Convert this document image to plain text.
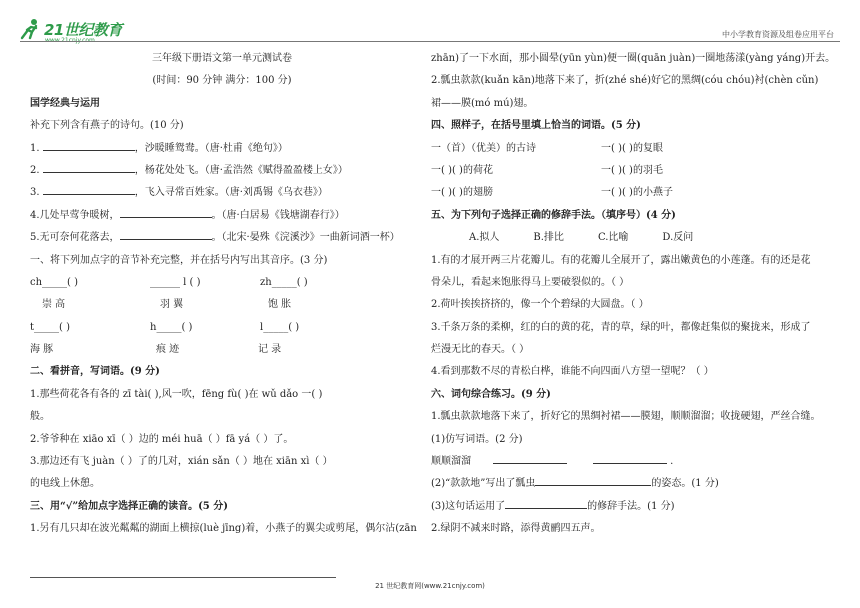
21世纪教育
www.21cnjy.com
中小学教育资源及组卷应用平台
三年级下册语文第一单元测试卷
(时间：90 分钟 满分：100 分)
国学经典与运用
补充下列含有燕子的诗句。(10 分)
1.	，沙暖睡鸳鸯。（唐·杜甫《绝句》）
2.	，杨花处处飞。（唐·孟浩然《赋得盈盈楼上女》）
3.	，飞入寻常百姓家。（唐·刘禹锡《乌衣巷》）
4.几处早莺争暖树，	。（唐·白居易《钱塘湖春行》）
5.无可奈何花落去，	。（北宋·晏殊《浣溪沙》一曲新词酒一杯）
一、将下列加点字的音节补充完整，并在括号内写出其音序。(3 分)
ch_____( )	______ l ( )	zh_____( )
崇 高	羽 翼	饱 胀
t_____( )	h_____( )	l_____( )
海 豚	痕 迹	记 录
二、看拼音，写词语。(9 分)
1.那些荷花各有各的 zī tài( ),风一吹，fēng fù( )在 wǔ dǎo 一( )
般。
2.爷爷种在 xiāo xī（ ）边的 méi huā（ ）fā yá（ ）了。
3.那边还有飞 juàn（ ）了的几对，xián sǎn（ ）地在 xiān xì（ ）
的电线上休憩。
三、用“√”给加点字选择正确的读音。(5 分)
1.另有几只却在波光粼粼的湖面上横掠(luè jīng)着，小燕子的翼尖或剪尾，偶尔沾(zān
zhān)了一下水面，那小圆晕(yūn yùn)便一圈(quān juàn)一圈地荡漾(yàng yáng)开去。
2.瓢虫款款(kuǎn kān)地落下来了，折(zhé shé)好它的黑绸(cóu chóu)衬(chèn cǔn)
裙——膜(mó mú)翅。
四、照样子，在括号里填上恰当的词语。(5 分)
一（首）（优美）的古诗	一( )( )的复眼
一( )( )的荷花	一( )( )的羽毛
一( )( )的翅膀	一( )( )的小燕子
五、为下列句子选择正确的修辞手法。（填序号）(4 分)
A.拟人	B.排比	C.比喻	D.反问
1.有的才展开两三片花瓣儿。有的花瓣儿全展开了，露出嫩黄色的小莲蓬。有的还是花
骨朵儿，看起来饱胀得马上要破裂似的。（ ）
2.荷叶挨挨挤挤的，像一个个碧绿的大圆盘。（ ）
3.千条万条的柔柳，红的白的黄的花，青的草，绿的叶，都像赶集似的聚拢来，形成了
烂漫无比的春天。（ ）
4.看到那数不尽的青松白桦，谁能不向四面八方望一望呢？（ ）
六、词句综合练习。(9 分)
1.瓢虫款款地落下来了，折好它的黑绸衬裙——膜翅，顺顺溜溜；收拢硬翅，严丝合缝。
(1)仿写词语。(2 分)
顺顺溜溜	.
(2)“款款地”写出了瓢虫	的姿态。(1 分)
(3)这句话运用了	的修辞手法。(1 分)
2.绿阴不减来时路，添得黄鹂四五声。
21 世纪教育网(www.21cnjy.com)
